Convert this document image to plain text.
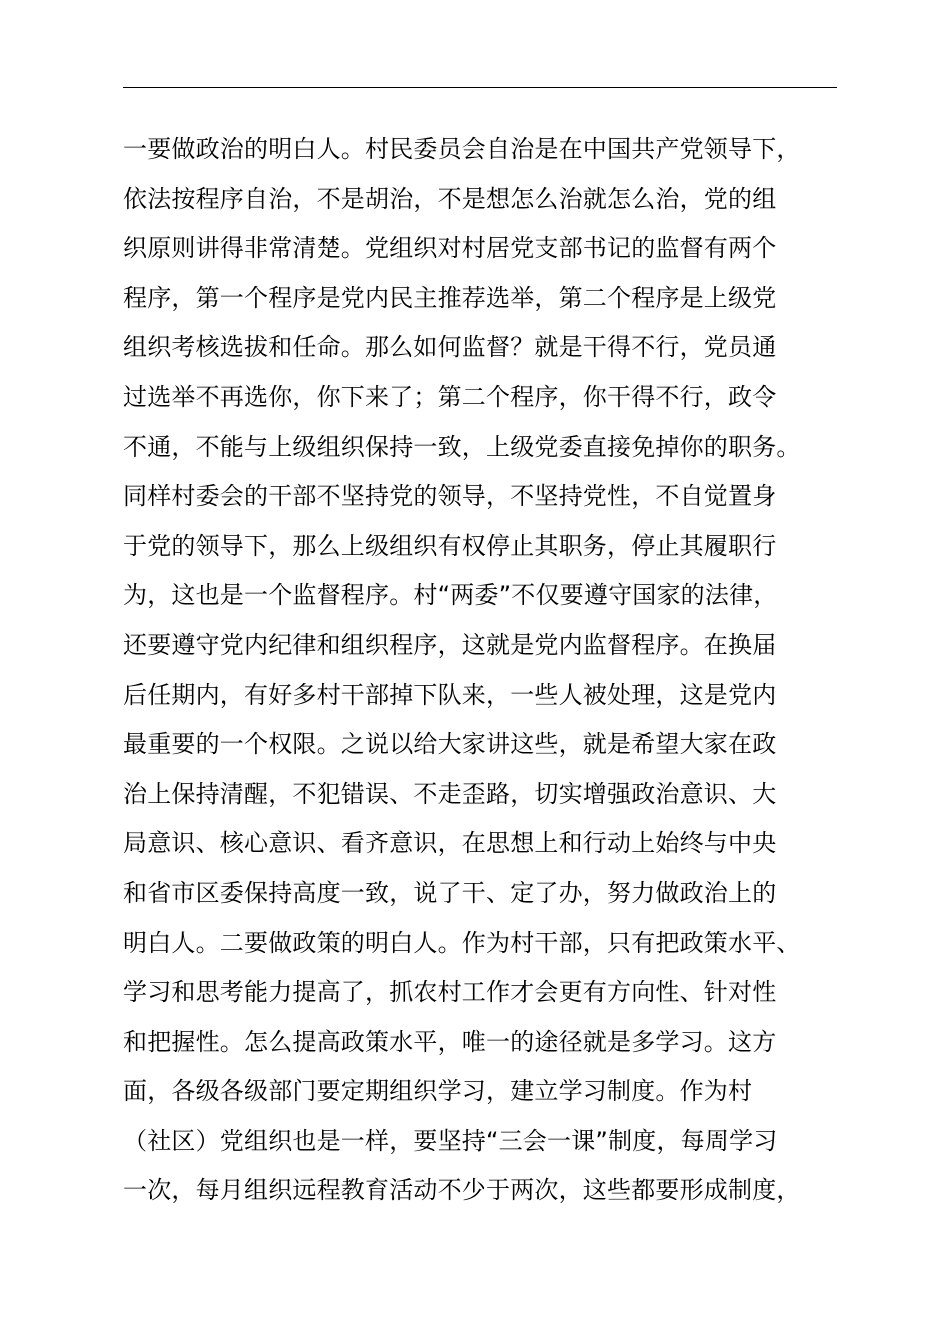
一要做政治的明白人。村民委员会自治是在中国共产党领导下，
依法按程序自治，不是胡治，不是想怎么治就怎么治，党的组
织原则讲得非常清楚。党组织对村居党支部书记的监督有两个
程序，第一个程序是党内民主推荐选举，第二个程序是上级党
组织考核选拔和任命。那么如何监督？就是干得不行，党员通
过选举不再选你，你下来了；第二个程序，你干得不行，政令
不通，不能与上级组织保持一致，上级党委直接免掉你的职务。
同样村委会的干部不坚持党的领导，不坚持党性，不自觉置身
于党的领导下，那么上级组织有权停止其职务，停止其履职行
为，这也是一个监督程序。村“两委”不仅要遵守国家的法律，
还要遵守党内纪律和组织程序，这就是党内监督程序。在换届
后任期内，有好多村干部掉下队来，一些人被处理，这是党内
最重要的一个权限。之说以给大家讲这些，就是希望大家在政
治上保持清醒，不犯错误、不走歪路，切实增强政治意识、大
局意识、核心意识、看齐意识，在思想上和行动上始终与中央
和省市区委保持高度一致，说了干、定了办，努力做政治上的
明白人。二要做政策的明白人。作为村干部，只有把政策水平、
学习和思考能力提高了，抓农村工作才会更有方向性、针对性
和把握性。怎么提高政策水平，唯一的途径就是多学习。这方
面，各级各级部门要定期组织学习，建立学习制度。作为村
（社区）党组织也是一样，要坚持“三会一课”制度，每周学习
一次，每月组织远程教育活动不少于两次，这些都要形成制度，
